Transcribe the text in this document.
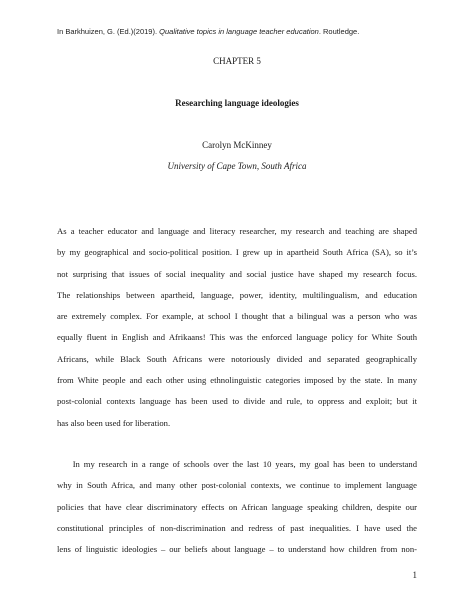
In Barkhuizen, G. (Ed.)(2019). Qualitative topics in language teacher education. Routledge.
CHAPTER 5
Researching language ideologies
Carolyn McKinney
University of Cape Town, South Africa
As a teacher educator and language and literacy researcher, my research and teaching are shaped
by my geographical and socio-political position. I grew up in apartheid South Africa (SA), so it’s
not surprising that issues of social inequality and social justice have shaped my research focus.
The relationships between apartheid, language, power, identity, multilingualism, and education
are extremely complex. For example, at school I thought that a bilingual was a person who was
equally fluent in English and Afrikaans! This was the enforced language policy for White South
Africans, while Black South Africans were notoriously divided and separated geographically
from White people and each other using ethnolinguistic categories imposed by the state. In many
post-colonial contexts language has been used to divide and rule, to oppress and exploit; but it
has also been used for liberation.
In my research in a range of schools over the last 10 years, my goal has been to understand
why in South Africa, and many other post-colonial contexts, we continue to implement language
policies that have clear discriminatory effects on African language speaking children, despite our
constitutional principles of non-discrimination and redress of past inequalities. I have used the
lens of linguistic ideologies – our beliefs about language – to understand how children from non-
1
